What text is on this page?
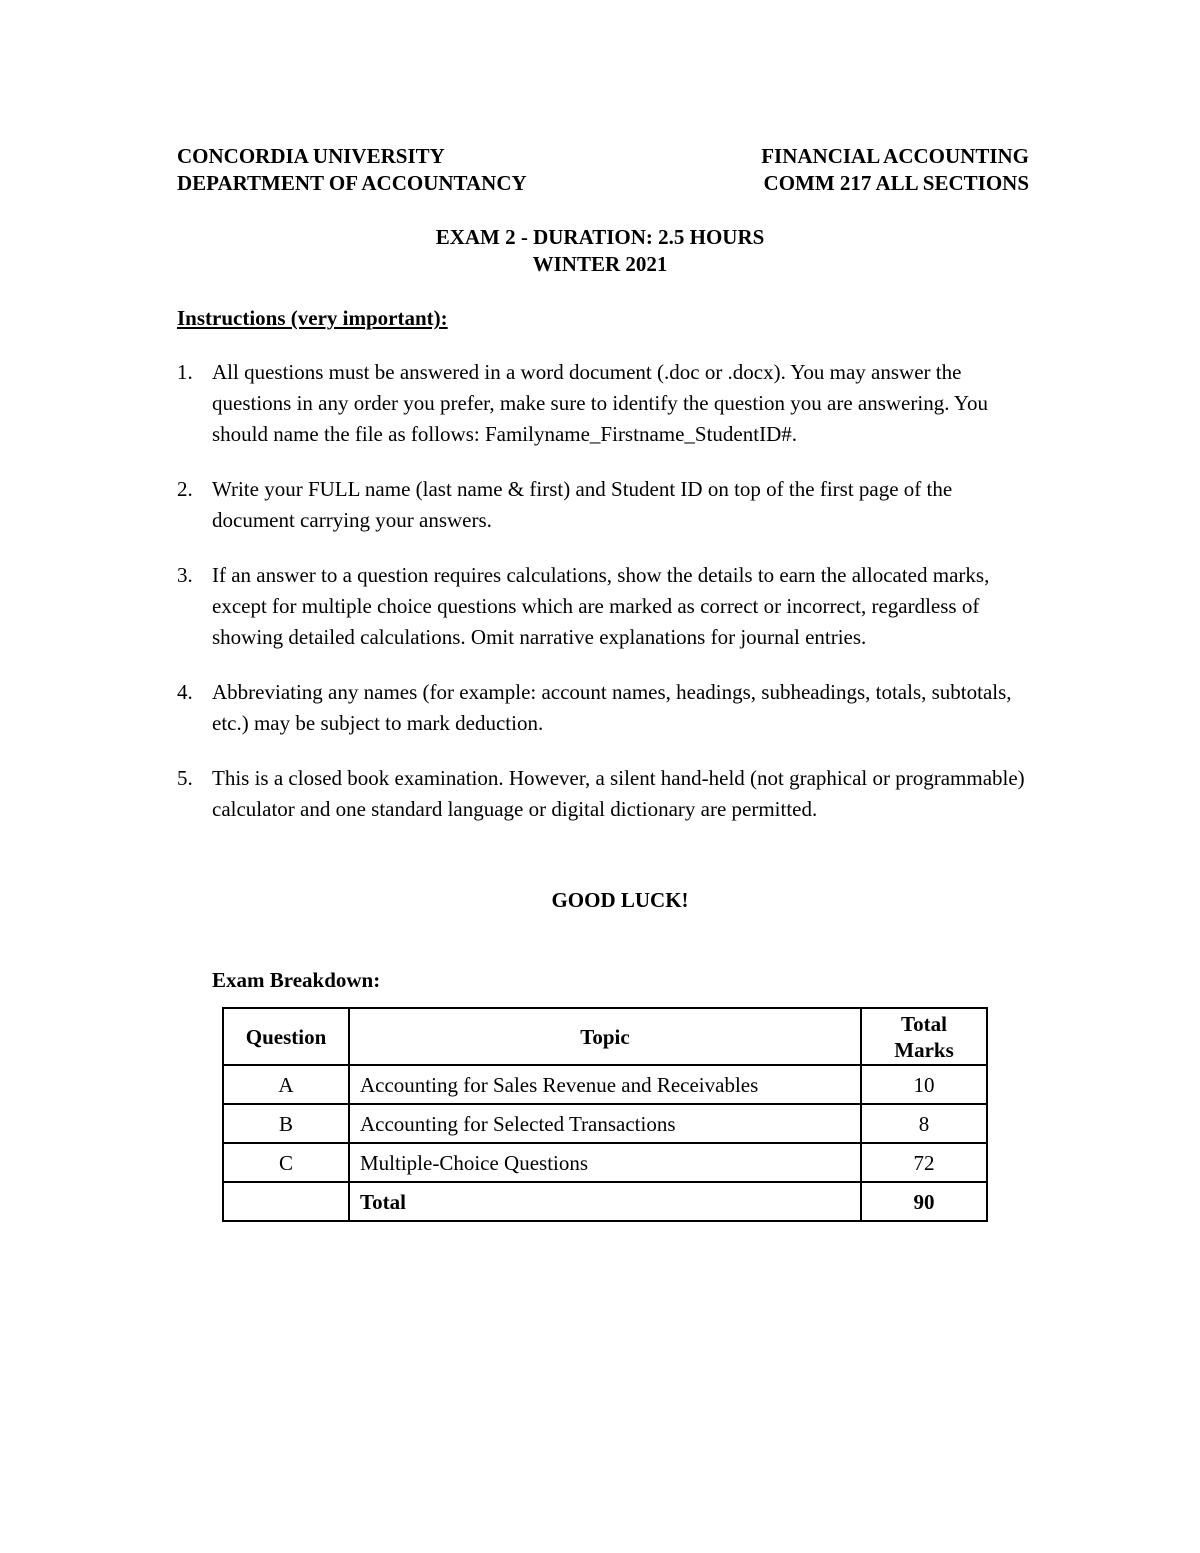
CONCORDIA UNIVERSITY	FINANCIAL ACCOUNTING
DEPARTMENT OF ACCOUNTANCY	COMM 217 ALL SECTIONS
EXAM 2 - DURATION: 2.5 HOURS
WINTER 2021
Instructions (very important):
1. All questions must be answered in a word document (.doc or .docx). You may answer the questions in any order you prefer, make sure to identify the question you are answering. You should name the file as follows: Familyname_Firstname_StudentID#.
2. Write your FULL name (last name & first) and Student ID on top of the first page of the document carrying your answers.
3. If an answer to a question requires calculations, show the details to earn the allocated marks, except for multiple choice questions which are marked as correct or incorrect, regardless of showing detailed calculations. Omit narrative explanations for journal entries.
4. Abbreviating any names (for example: account names, headings, subheadings, totals, subtotals, etc.) may be subject to mark deduction.
5. This is a closed book examination. However, a silent hand-held (not graphical or programmable) calculator and one standard language or digital dictionary are permitted.
GOOD LUCK!
Exam Breakdown:
Question	Topic	Total
Marks

A	Accounting for Sales Revenue and Receivables	10
B	Accounting for Selected Transactions	8
C	Multiple-Choice Questions	72
	Total	90
